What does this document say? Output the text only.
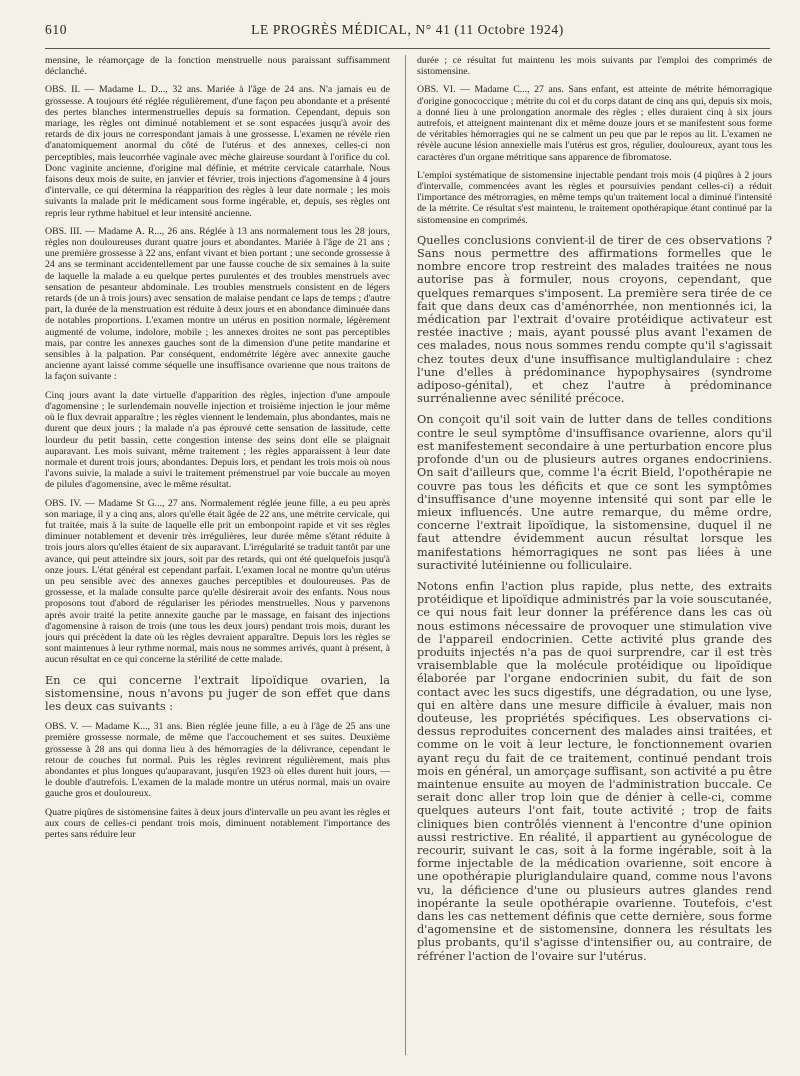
610	LE PROGRÈS MÉDICAL, N° 41 (11 Octobre 1924)

mensine, le réamorçage de la fonction menstruelle nous paraissant suffisamment déclanché.

OBS. II. — Madame L. D..., 32 ans. Mariée à l'âge de 24 ans. N'a jamais eu de grossesse. A toujours été réglée régulièrement, d'une façon peu abondante et a présenté des pertes blanches intermenstruelles depuis sa formation. Cependant, depuis son mariage, les règles ont diminué notablement et se sont espacées jusqu'à avoir des retards de dix jours ne correspondant jamais à une grossesse. L'examen ne révèle rien d'anatomiquement anormal du côté de l'utérus et des annexes, celles-ci non perceptibles, mais leucorrhée vaginale avec mèche glaireuse sourdant à l'orifice du col. Donc vaginite ancienne, d'origine mal définie, et métrite cervicale catarrhale. Nous faisons deux mois de suite, en janvier et février, trois injections d'agomensine à 4 jours d'intervalle, ce qui détermina la réapparition des règles à leur date normale ; les mois suivants la malade prit le médicament sous forme ingérable, et, depuis, ses règles ont repris leur rythme habituel et leur intensité ancienne.

OBS. III. — Madame A. R..., 26 ans. Réglée à 13 ans normalement tous les 28 jours, règles non douloureuses durant quatre jours et abondantes. Mariée à l'âge de 21 ans ; une première grossesse à 22 ans, enfant vivant et bien portant ; une seconde grossesse à 24 ans se terminant accidentellement par une fausse couche de six semaines à la suite de laquelle la malade a eu quelque pertes purulentes et des troubles menstruels avec sensation de pesanteur abdominale. Les troubles menstruels consistent en de légers retards (de un à trois jours) avec sensation de malaise pendant ce laps de temps ; d'autre part, la durée de la menstruation est réduite à deux jours et en abondance diminuée dans de notables proportions. L'examen montre un utérus en position normale, légèrement augmenté de volume, indolore, mobile ; les annexes droites ne sont pas perceptibles mais, par contre les annexes gauches sont de la dimension d'une petite mandarine et sensibles à la palpation. Par conséquent, endométrite légère avec annexite gauche ancienne ayant laissé comme séquelle une insuffisance ovarienne que nous traitons de la façon suivante :

Cinq jours avant la date virtuelle d'apparition des règles, injection d'une ampoule d'agomensine ; le surlendemain nouvelle injection et troisième injection le jour même où le flux devrait apparaître ; les règles viennent le lendemain, plus abondantes, mais ne durent que deux jours ; la malade n'a pas éprouvé cette sensation de lassitude, cette lourdeur du petit bassin, cette congestion intense des seins dont elle se plaignait auparavant. Les mois suivant, même traitement ; les règles apparaissent à leur date normale et durent trois jours, abondantes. Depuis lors, et pendant les trois mois où nous l'avons suivie, la malade a suivi le traitement prémenstruel par voie buccale au moyen de pilules d'agomensine, avec le même résultat.

OBS. IV. — Madame St G..., 27 ans. Normalement réglée jeune fille, a eu peu après son mariage, il y a cinq ans, alors qu'elle était âgée de 22 ans, une métrite cervicale, qui fut traitée, mais à la suite de laquelle elle prit un embonpoint rapide et vit ses règles diminuer notablement et devenir très irrégulières, leur durée même s'étant réduite à trois jours alors qu'elles étaient de six auparavant. L'irrégularité se traduit tantôt par une avance, qui peut atteindre six jours, soit par des retards, qui ont été quelquefois jusqu'à onze jours. L'état général est cependant parfait. L'examen local ne montre qu'un utérus un peu sensible avec des annexes gauches perceptibles et douloureuses. Pas de grossesse, et la malade consulte parce qu'elle désirerait avoir des enfants. Nous nous proposons tout d'abord de régulariser les périodes menstruelles. Nous y parvenons après avoir traité la petite annexite gauche par le massage, en faisant des injections d'agomensine à raison de trois (une tous les deux jours) pendant trois mois, durant les jours qui précèdent la date où les règles devraient apparaître. Depuis lors les règles se sont maintenues à leur rythme normal, mais nous ne sommes arrivés, quant à présent, à aucun résultat en ce qui concerne la stérilité de cette malade.

En ce qui concerne l'extrait lipoïdique ovarien, la sistomensine, nous n'avons pu juger de son effet que dans les deux cas suivants :

OBS. V. — Madame K..., 31 ans. Bien réglée jeune fille, a eu à l'âge de 25 ans une première grossesse normale, de même que l'accouchement et ses suites. Deuxième grossesse à 28 ans qui donna lieu à des hémorragies de la délivrance, cependant le retour de couches fut normal. Puis les règles revinrent régulièrement, mais plus abondantes et plus longues qu'auparavant, jusqu'en 1923 où elles durent huit jours, — le double d'autrefois. L'examen de la malade montre un utérus normal, mais un ovaire gauche gros et douloureux.

Quatre piqûres de sistomensine faites à deux jours d'intervalle un peu avant les règles et aux cours de celles-ci pendant trois mois, diminuent notablement l'importance des pertes sans réduire leur

durée ; ce résultat fut maintenu les mois suivants par l'emploi des comprimés de sistomensine.

OBS. VI. — Madame C..., 27 ans. Sans enfant, est atteinte de métrite hémorragique d'origine gonococcique ; métrite du col et du corps datant de cinq ans qui, depuis six mois, a donné lieu à une prolongation anormale des règles ; elles duraient cinq à six jours autrefois, et atteignent maintenant dix et même douze jours et se manifestent sous forme de véritables hémorragies qui ne se calment un peu que par le repos au lit. L'examen ne révèle aucune lésion annexielle mais l'utérus est gros, régulier, douloureux, ayant tous les caractères d'un organe métritique sans apparence de fibromatose.

L'emploi systématique de sistomensine injectable pendant trois mois (4 piqûres à 2 jours d'intervalle, commencées avant les règles et poursuivies pendant celles-ci) a réduit l'importance des métrorragies, en même temps qu'un traitement local a diminué l'intensité de la métrite. Ce résultat s'est maintenu, le traitement opothérapique étant continué par la sistomensine en comprimés.

Quelles conclusions convient-il de tirer de ces observations ? Sans nous permettre des affirmations formelles que le nombre encore trop restreint des malades traitées ne nous autorise pas à formuler, nous croyons, cependant, que quelques remarques s'imposent. La première sera tirée de ce fait que dans deux cas d'aménorrhée, non mentionnés ici, la médication par l'extrait d'ovaire protéidique activateur est restée inactive ; mais, ayant poussé plus avant l'examen de ces malades, nous nous sommes rendu compte qu'il s'agissait chez toutes deux d'une insuffisance multiglandulaire : chez l'une d'elles à prédominance hypophysaires (syndrome adiposo-génital), et chez l'autre à prédominance surrénalienne avec sénilité précoce.

On conçoit qu'il soit vain de lutter dans de telles conditions contre le seul symptôme d'insuffisance ovarienne, alors qu'il est manifestement secondaire à une perturbation encore plus profonde d'un ou de plusieurs autres organes endocriniens. On sait d'ailleurs que, comme l'a écrit Bield, l'opothérapie ne couvre pas tous les déficits et que ce sont les symptômes d'insuffisance d'une moyenne intensité qui sont par elle le mieux influencés. Une autre remarque, du même ordre, concerne l'extrait lipoïdique, la sistomensine, duquel il ne faut attendre évidemment aucun résultat lorsque les manifestations hémorragiques ne sont pas liées à une suractivité lutéinienne ou folliculaire.

Notons enfin l'action plus rapide, plus nette, des extraits protéidique et lipoïdique administrés par la voie souscutanée, ce qui nous fait leur donner la préférence dans les cas où nous estimons nécessaire de provoquer une stimulation vive de l'appareil endocrinien. Cette activité plus grande des produits injectés n'a pas de quoi surprendre, car il est très vraisemblable que la molécule protéidique ou lipoïdique élaborée par l'organe endocrinien subit, du fait de son contact avec les sucs digestifs, une dégradation, ou une lyse, qui en altère dans une mesure difficile à évaluer, mais non douteuse, les propriétés spécifiques. Les observations ci-dessus reproduites concernent des malades ainsi traitées, et comme on le voit à leur lecture, le fonctionnement ovarien ayant reçu du fait de ce traitement, continué pendant trois mois en général, un amorçage suffisant, son activité a pu être maintenue ensuite au moyen de l'administration buccale. Ce serait donc aller trop loin que de dénier à celle-ci, comme quelques auteurs l'ont fait, toute activité ; trop de faits cliniques bien contrôlés viennent à l'encontre d'une opinion aussi restrictive. En réalité, il appartient au gynécologue de recourir, suivant le cas, soit à la forme ingérable, soit à la forme injectable de la médication ovarienne, soit encore à une opothérapie pluriglandulaire quand, comme nous l'avons vu, la déficience d'une ou plusieurs autres glandes rend inopérante la seule opothérapie ovarienne. Toutefois, c'est dans les cas nettement définis que cette dernière, sous forme d'agomensine et de sistomensine, donnera les résultats les plus probants, qu'il s'agisse d'intensifier ou, au contraire, de réfréner l'action de l'ovaire sur l'utérus.
